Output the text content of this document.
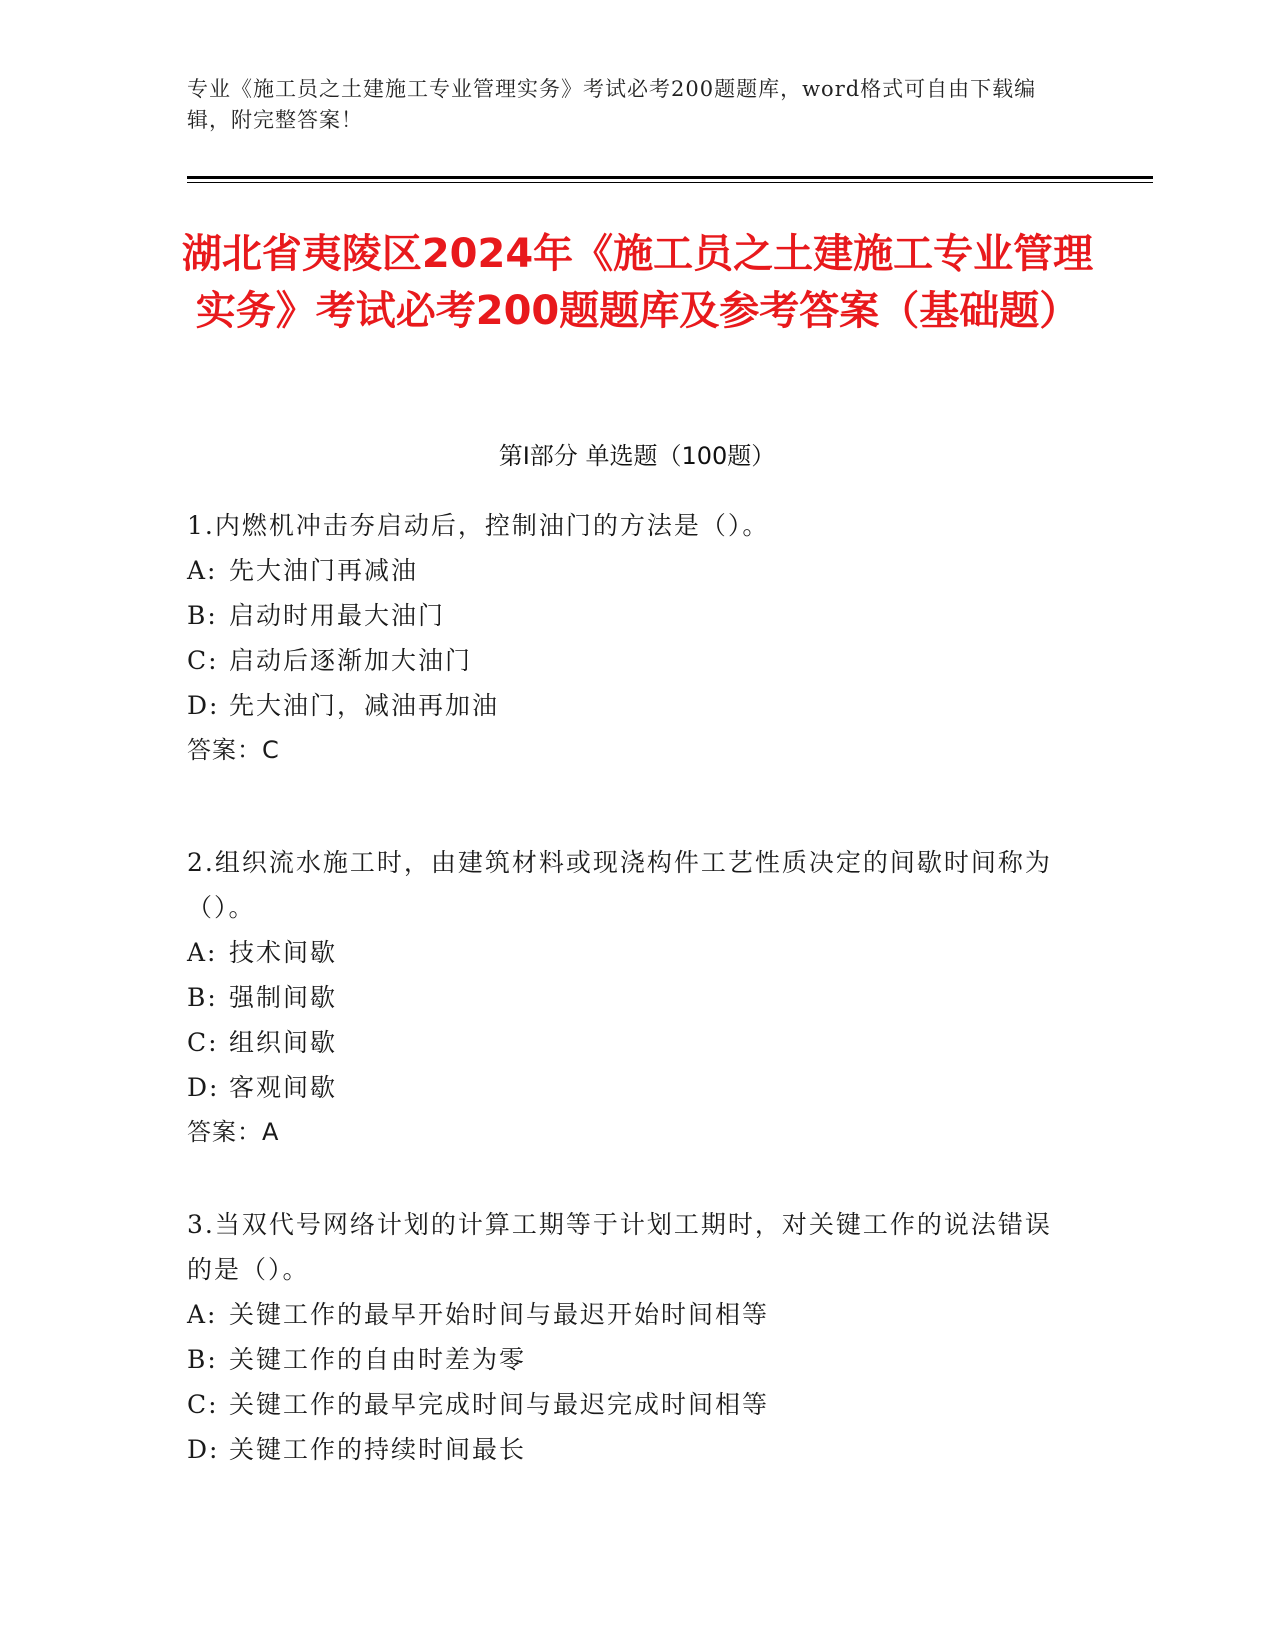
专业《施工员之土建施工专业管理实务》考试必考200题题库，word格式可自由下载编辑，附完整答案！
湖北省夷陵区2024年《施工员之土建施工专业管理实务》考试必考200题题库及参考答案（基础题）
第Ⅰ部分 单选题（100题）

1.内燃机冲击夯启动后，控制油门的方法是（）。

A: 先大油门再减油

B: 启动时用最大油门

C: 启动后逐渐加大油门

D: 先大油门，减油再加油

答案：C

2.组织流水施工时，由建筑材料或现浇构件工艺性质决定的间歇时间称为（）。

A: 技术间歇

B: 强制间歇

C: 组织间歇

D: 客观间歇

答案：A

3.当双代号网络计划的计算工期等于计划工期时，对关键工作的说法错误的是（）。

A: 关键工作的最早开始时间与最迟开始时间相等

B: 关键工作的自由时差为零

C: 关键工作的最早完成时间与最迟完成时间相等

D: 关键工作的持续时间最长
